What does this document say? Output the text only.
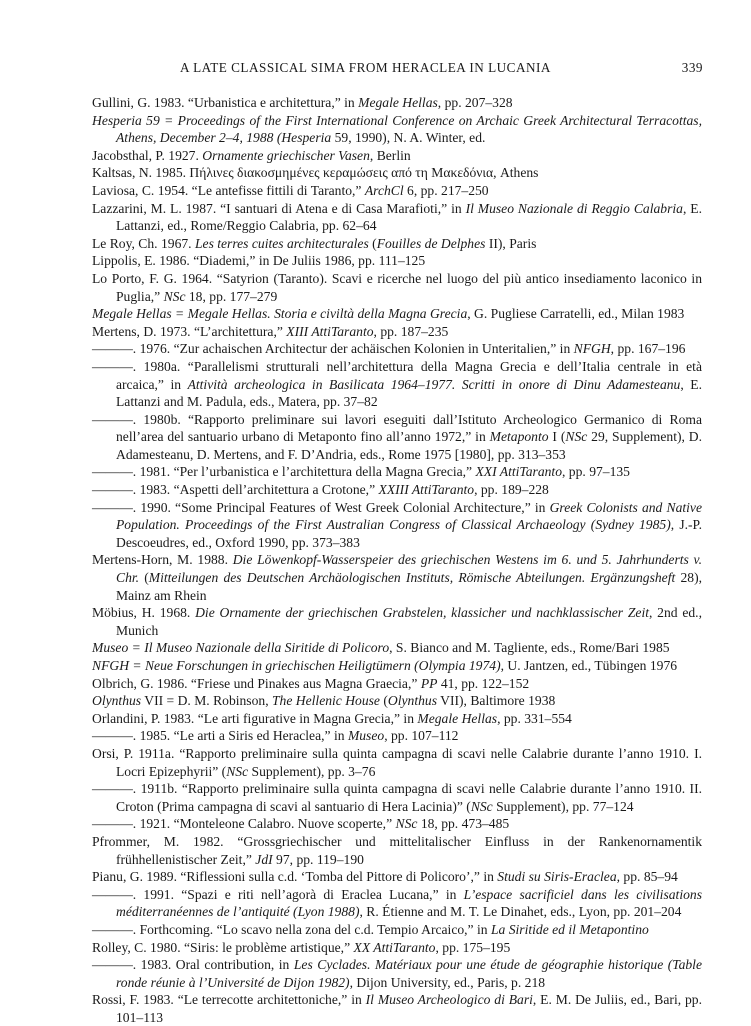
A LATE CLASSICAL SIMA FROM HERACLEA IN LUCANIA	339
Gullini, G. 1983. “Urbanistica e architettura,” in Megale Hellas, pp. 207–328
Hesperia 59 = Proceedings of the First International Conference on Archaic Greek Architectural Terracottas, Athens, December 2–4, 1988 (Hesperia 59, 1990), N. A. Winter, ed.
Jacobsthal, P. 1927. Ornamente griechischer Vasen, Berlin
Kaltsas, N. 1985. Πήλινες διακοσμημένες κεραμώσεις από τη Μακεδόνια, Athens
Laviosa, C. 1954. “Le antefisse fittili di Taranto,” ArchCl 6, pp. 217–250
Lazzarini, M. L. 1987. “I santuari di Atena e di Casa Marafioti,” in Il Museo Nazionale di Reggio Calabria, E. Lattanzi, ed., Rome/Reggio Calabria, pp. 62–64
Le Roy, Ch. 1967. Les terres cuites architecturales (Fouilles de Delphes II), Paris
Lippolis, E. 1986. “Diademi,” in De Juliis 1986, pp. 111–125
Lo Porto, F. G. 1964. “Satyrion (Taranto). Scavi e ricerche nel luogo del più antico insediamento laconico in Puglia,” NSc 18, pp. 177–279
Megale Hellas = Megale Hellas. Storia e civiltà della Magna Grecia, G. Pugliese Carratelli, ed., Milan 1983
Mertens, D. 1973. “L’architettura,” XIII AttiTaranto, pp. 187–235
———. 1976. “Zur achaischen Architectur der achäischen Kolonien in Unteritalien,” in NFGH, pp. 167–196
———. 1980a. “Parallelismi strutturali nell’architettura della Magna Grecia e dell’Italia centrale in età arcaica,” in Attività archeologica in Basilicata 1964–1977. Scritti in onore di Dinu Adamesteanu, E. Lattanzi and M. Padula, eds., Matera, pp. 37–82
———. 1980b. “Rapporto preliminare sui lavori eseguiti dall’Istituto Archeologico Germanico di Roma nell’area del santuario urbano di Metaponto fino all’anno 1972,” in Metaponto I (NSc 29, Supplement), D. Adamesteanu, D. Mertens, and F. D’Andria, eds., Rome 1975 [1980], pp. 313–353
———. 1981. “Per l’urbanistica e l’architettura della Magna Grecia,” XXI AttiTaranto, pp. 97–135
———. 1983. “Aspetti dell’architettura a Crotone,” XXIII AttiTaranto, pp. 189–228
———. 1990. “Some Principal Features of West Greek Colonial Architecture,” in Greek Colonists and Native Population. Proceedings of the First Australian Congress of Classical Archaeology (Sydney 1985), J.-P. Descoeudres, ed., Oxford 1990, pp. 373–383
Mertens-Horn, M. 1988. Die Löwenkopf-Wasserspeier des griechischen Westens im 6. und 5. Jahrhunderts v. Chr. (Mitteilungen des Deutschen Archäologischen Instituts, Römische Abteilungen. Ergänzungsheft 28), Mainz am Rhein
Möbius, H. 1968. Die Ornamente der griechischen Grabstelen, klassicher und nachklassischer Zeit, 2nd ed., Munich
Museo = Il Museo Nazionale della Siritide di Policoro, S. Bianco and M. Tagliente, eds., Rome/Bari 1985
NFGH = Neue Forschungen in griechischen Heiligtümern (Olympia 1974), U. Jantzen, ed., Tübingen 1976
Olbrich, G. 1986. “Friese und Pinakes aus Magna Graecia,” PP 41, pp. 122–152
Olynthus VII = D. M. Robinson, The Hellenic House (Olynthus VII), Baltimore 1938
Orlandini, P. 1983. “Le arti figurative in Magna Grecia,” in Megale Hellas, pp. 331–554
———. 1985. “Le arti a Siris ed Heraclea,” in Museo, pp. 107–112
Orsi, P. 1911a. “Rapporto preliminaire sulla quinta campagna di scavi nelle Calabrie durante l’anno 1910. I. Locri Epizephyrii” (NSc Supplement), pp. 3–76
———. 1911b. “Rapporto preliminaire sulla quinta campagna di scavi nelle Calabrie durante l’anno 1910. II. Croton (Prima campagna di scavi al santuario di Hera Lacinia)” (NSc Supplement), pp. 77–124
———. 1921. “Monteleone Calabro. Nuove scoperte,” NSc 18, pp. 473–485
Pfrommer, M. 1982. “Grossgriechischer und mittelitalischer Einfluss in der Rankenornamentik frühhellenistischer Zeit,” JdI 97, pp. 119–190
Pianu, G. 1989. “Riflessioni sulla c.d. ‘Tomba del Pittore di Policoro’,” in Studi su Siris-Eraclea, pp. 85–94
———. 1991. “Spazi e riti nell’agorà di Eraclea Lucana,” in L’espace sacrificiel dans les civilisations méditerranéennes de l’antiquité (Lyon 1988), R. Étienne and M. T. Le Dinahet, eds., Lyon, pp. 201–204
———. Forthcoming. “Lo scavo nella zona del c.d. Tempio Arcaico,” in La Siritide ed il Metapontino
Rolley, C. 1980. “Siris: le problème artistique,” XX AttiTaranto, pp. 175–195
———. 1983. Oral contribution, in Les Cyclades. Matériaux pour une étude de géographie historique (Table ronde réunie à l’Université de Dijon 1982), Dijon University, ed., Paris, p. 218
Rossi, F. 1983. “Le terrecotte architettoniche,” in Il Museo Archeologico di Bari, E. M. De Juliis, ed., Bari, pp. 101–113
